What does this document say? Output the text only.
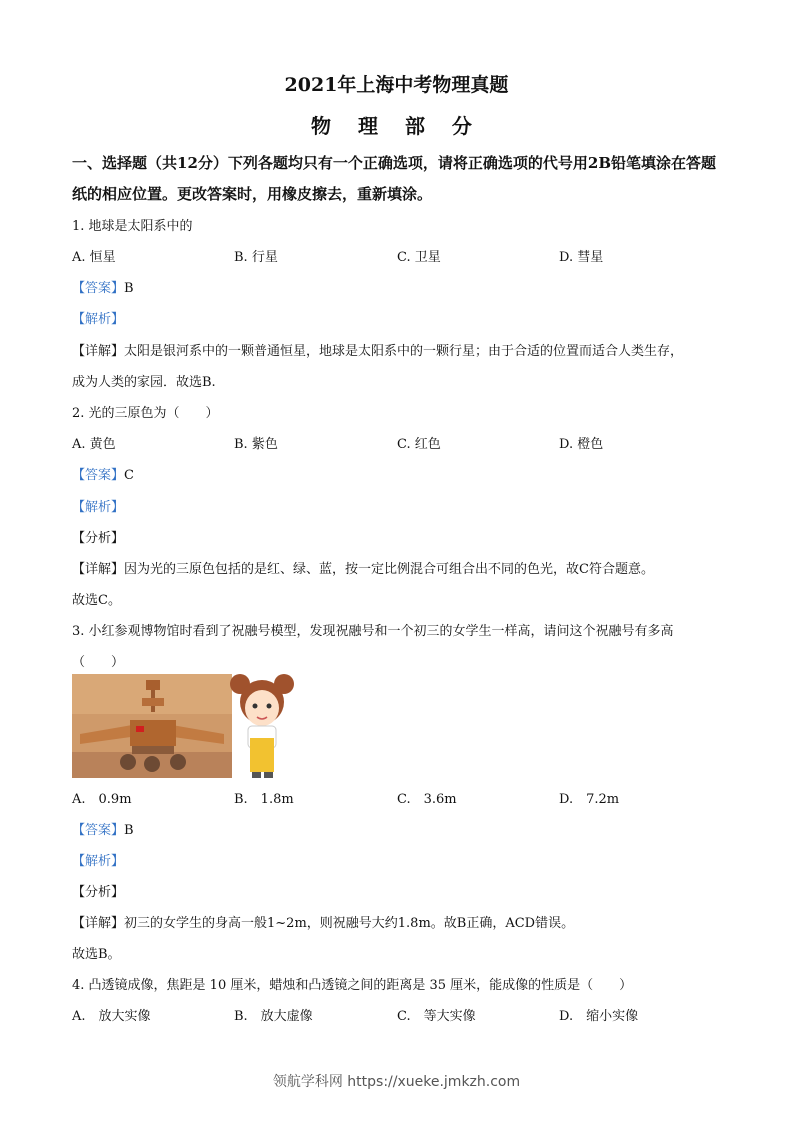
2021年上海中考物理真题
物 理 部 分
一、选择题（共12分）下列各题均只有一个正确选项，请将正确选项的代号用2B铅笔填涂在答题纸的相应位置。更改答案时，用橡皮擦去，重新填涂。
1. 地球是太阳系中的
A. 恒星	B. 行星	C. 卫星	D. 彗星
【答案】B
【解析】
【详解】太阳是银河系中的一颗普通恒星，地球是太阳系中的一颗行星；由于合适的位置而适合人类生存，
成为人类的家园．故选B.
2. 光的三原色为（　　）
A. 黄色	B. 紫色	C. 红色	D. 橙色
【答案】C
【解析】
【分析】
【详解】因为光的三原色包括的是红、绿、蓝，按一定比例混合可组合出不同的色光，故C符合题意。
故选C。
3. 小红参观博物馆时看到了祝融号模型，发现祝融号和一个初三的女学生一样高，请问这个祝融号有多高
（　　）
A.　0.9m	B.　1.8m	C.　3.6m	D.　7.2m
【答案】B
【解析】
【分析】
【详解】初三的女学生的身高一般1~2m，则祝融号大约1.8m。故B正确，ACD错误。
故选B。
4. 凸透镜成像，焦距是 10 厘米，蜡烛和凸透镜之间的距离是 35 厘米，能成像的性质是（　　）
A.　放大实像	B.　放大虚像	C.　等大实像	D.　缩小实像
领航学科网 https://xueke.jmkzh.com
